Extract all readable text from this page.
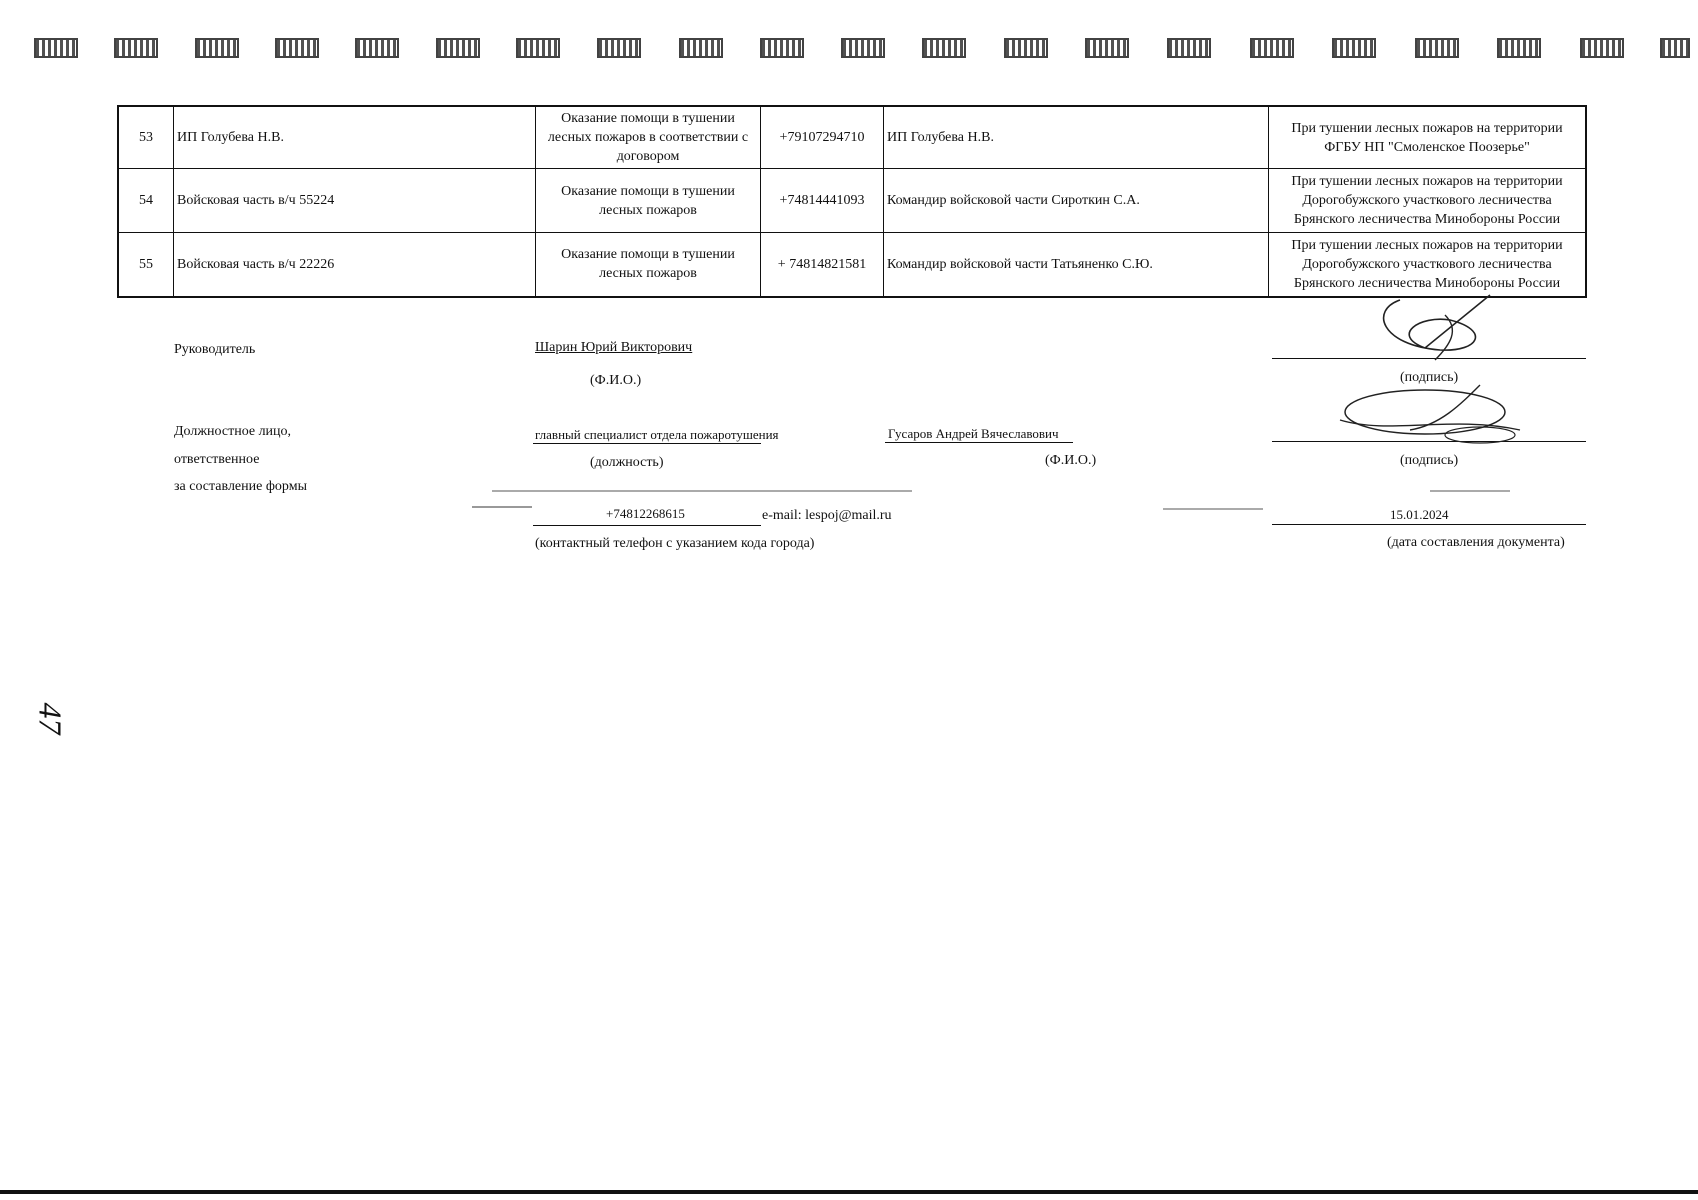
53	ИП Голубева Н.В.	Оказание помощи в тушении лесных пожаров в соответствии с договором	+79107294710	ИП Голубева Н.В.	При тушении лесных пожаров на территории ФГБУ НП "Смоленское Поозерье"
54	Войсковая часть в/ч 55224	Оказание помощи в тушении лесных пожаров	+74814441093	Командир войсковой части Сироткин С.А.	При тушении лесных пожаров на территории Дорогобужского участкового лесничества Брянского лесничества Минобороны России
55	Войсковая часть в/ч 22226	Оказание помощи в тушении лесных пожаров	+ 74814821581	Командир войсковой части Татьяненко С.Ю.	При тушении лесных пожаров на территории Дорогобужского участкового лесничества Брянского лесничества Минобороны России
Руководитель	Шарин Юрий Викторович
(Ф.И.О.)	(подпись)
Должностное лицо,
ответственное
за составление формы
главный специалист отдела пожаротушения
(должность)
Гусаров Андрей Вячеславович
(Ф.И.О.)	(подпись)
+74812268615	e-mail: lespoj@mail.ru
(контактный телефон с указанием кода города)
15.01.2024
(дата составления документа)
47
